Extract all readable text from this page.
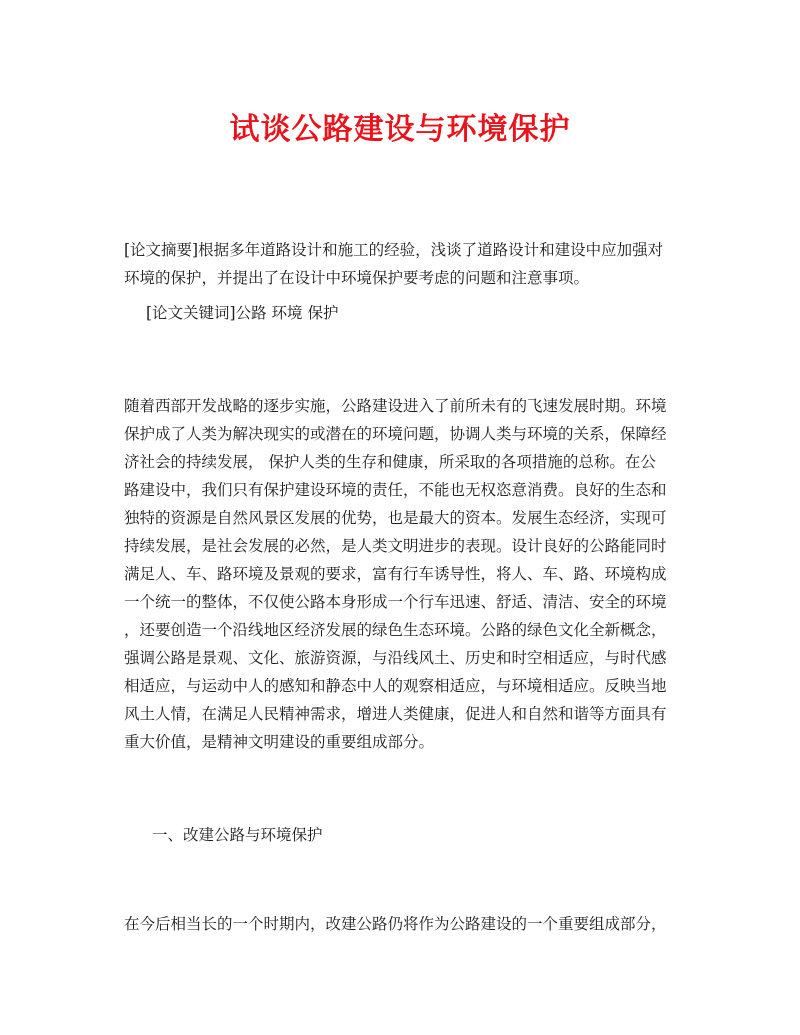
试谈公路建设与环境保护
[论文摘要]根据多年道路设计和施工的经验，浅谈了道路设计和建设中应加强对
环境的保护，并提出了在设计中环境保护要考虑的问题和注意事项。
[论文关键词]公路 环境 保护
随着西部开发战略的逐步实施，公路建设进入了前所未有的飞速发展时期。环境
保护成了人类为解决现实的或潜在的环境问题，协调人类与环境的关系，保障经
济社会的持续发展， 保护人类的生存和健康，所采取的各项措施的总称。在公
路建设中，我们只有保护建设环境的责任，不能也无权恣意消费。良好的生态和
独特的资源是自然风景区发展的优势，也是最大的资本。发展生态经济，实现可
持续发展，是社会发展的必然，是人类文明进步的表现。设计良好的公路能同时
满足人、车、路环境及景观的要求，富有行车诱导性，将人、车、路、环境构成
一个统一的整体，不仅使公路本身形成一个行车迅速、舒适、清洁、安全的环境
，还要创造一个沿线地区经济发展的绿色生态环境。公路的绿色文化全新概念，
强调公路是景观、文化、旅游资源，与沿线风土、历史和时空相适应，与时代感
相适应，与运动中人的感知和静态中人的观察相适应，与环境相适应。反映当地
风土人情，在满足人民精神需求，增进人类健康，促进人和自然和谐等方面具有
重大价值，是精神文明建设的重要组成部分。
一、改建公路与环境保护
在今后相当长的一个时期内，改建公路仍将作为公路建设的一个重要组成部分，
